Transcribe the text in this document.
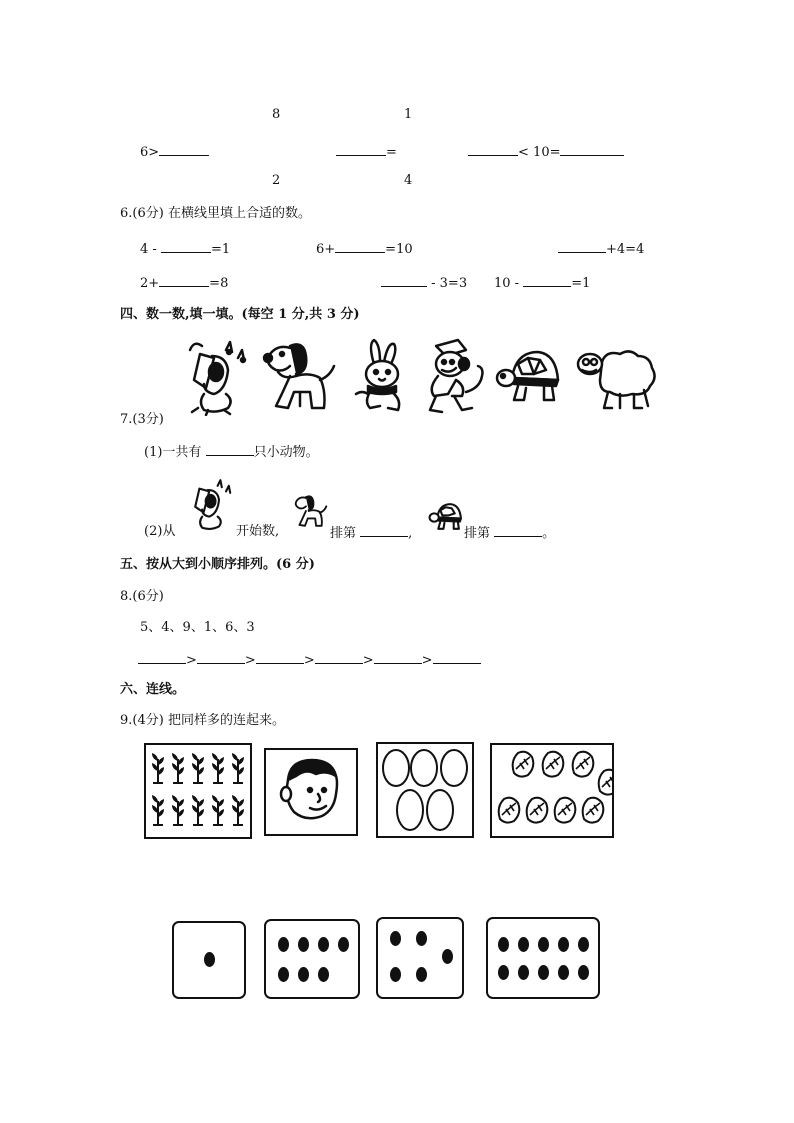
8	1
6>	=	< 10=
2	4
6.(6分) 在横线里填上合适的数。
4 -	=1	6+	=10	+4=4
2+	=8	- 3=3 10 -	=1
四、数一数,填一填。(每空 1 分,共 3 分)
7.(3分)
(1)一共有	只小动物。
(2)从	开始数,	排第	,	排第	。
五、按从大到小顺序排列。(6 分)
8.(6分)
5、4、9、1、6、3
>	>	>	>	>
六、连线。
9.(4分) 把同样多的连起来。
